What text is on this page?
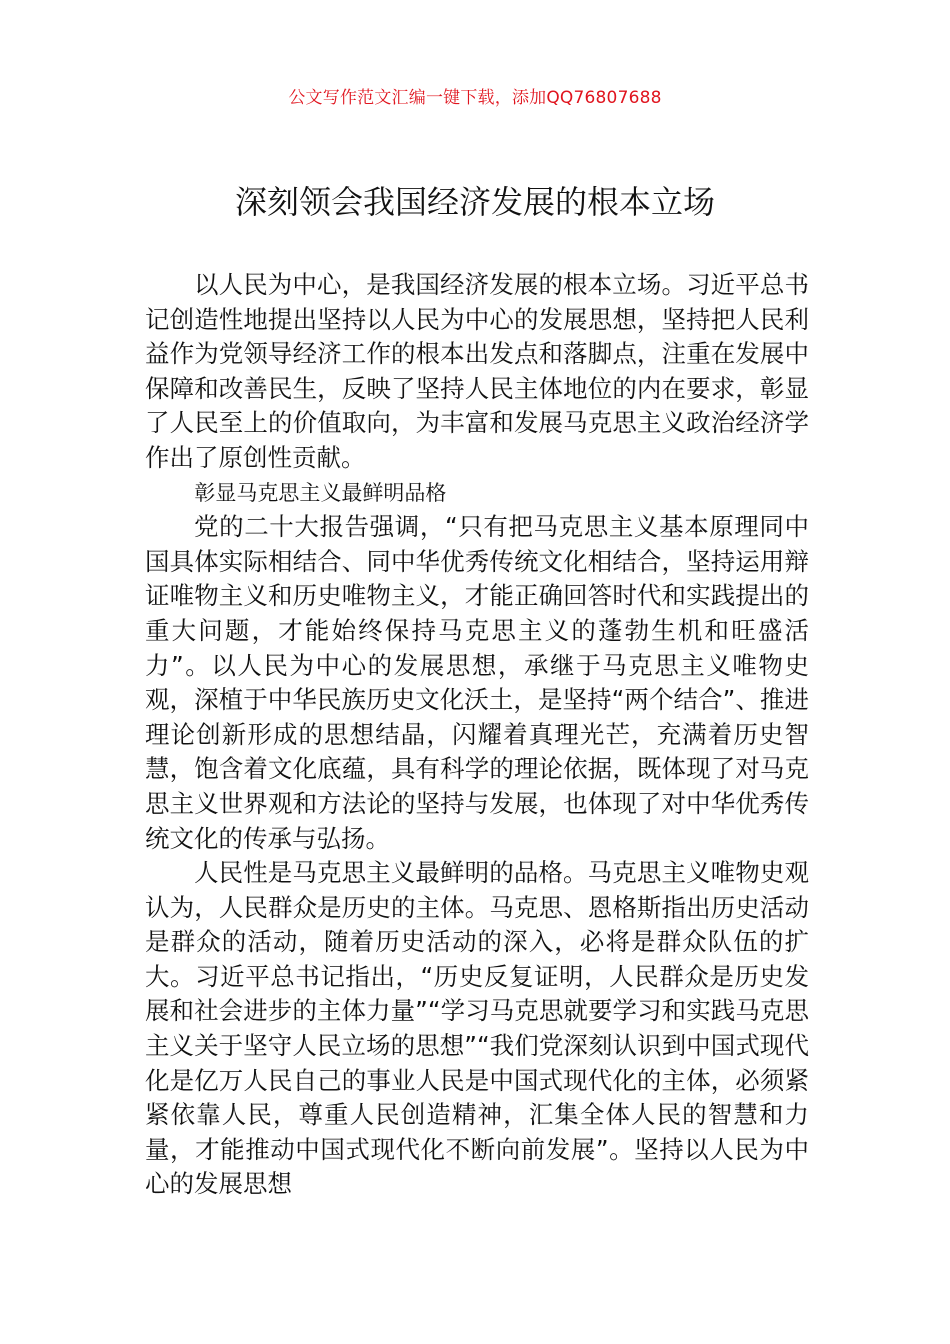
公文写作范文汇编一键下载，添加QQ76807688
深刻领会我国经济发展的根本立场

以人民为中心，是我国经济发展的根本立场。习近平总书记创造性地提出坚持以人民为中心的发展思想，坚持把人民利益作为党领导经济工作的根本出发点和落脚点，注重在发展中保障和改善民生，反映了坚持人民主体地位的内在要求，彰显了人民至上的价值取向，为丰富和发展马克思主义政治经济学作出了原创性贡献。

彰显马克思主义最鲜明品格

党的二十大报告强调，“只有把马克思主义基本原理同中国具体实际相结合、同中华优秀传统文化相结合，坚持运用辩证唯物主义和历史唯物主义，才能正确回答时代和实践提出的重大问题，才能始终保持马克思主义的蓬勃生机和旺盛活力”。以人民为中心的发展思想，承继于马克思主义唯物史观，深植于中华民族历史文化沃土，是坚持“两个结合”、推进理论创新形成的思想结晶，闪耀着真理光芒，充满着历史智慧，饱含着文化底蕴，具有科学的理论依据，既体现了对马克思主义世界观和方法论的坚持与发展，也体现了对中华优秀传统文化的传承与弘扬。

人民性是马克思主义最鲜明的品格。马克思主义唯物史观认为，人民群众是历史的主体。马克思、恩格斯指出历史活动是群众的活动，随着历史活动的深入，必将是群众队伍的扩大。习近平总书记指出，“历史反复证明，人民群众是历史发展和社会进步的主体力量”“学习马克思就要学习和实践马克思主义关于坚守人民立场的思想”“我们党深刻认识到中国式现代化是亿万人民自己的事业人民是中国式现代化的主体，必须紧紧依靠人民，尊重人民创造精神，汇集全体人民的智慧和力量，才能推动中国式现代化不断向前发展”。坚持以人民为中心的发展思想
